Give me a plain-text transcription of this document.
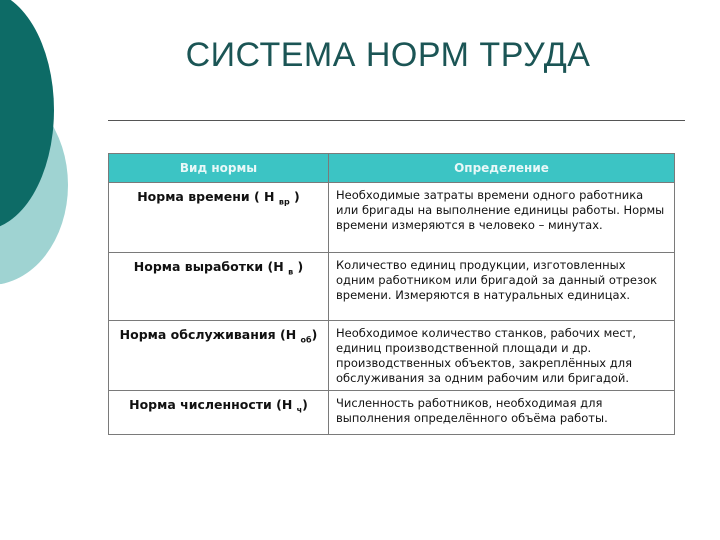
СИСТЕМА НОРМ ТРУДА
Вид нормы	Определение
Норма времени ( Н $_{вр}$ )	Необходимые затраты времени одного работника или бригады на выполнение единицы работы. Нормы времени измеряются в человеко – минутах.
Норма выработки (Н $_в$ )	Количество единиц продукции, изготовленных одним работником или бригадой за данный отрезок времени. Измеряются в натуральных единицах.
Норма обслуживания (Н $_{об}$)	Необходимое количество станков, рабочих мест, единиц производственной площади и др. производственных объектов, закреплённых для обслуживания за одним рабочим или бригадой.
Норма численности (Н $_ч$)	Численность работников, необходимая для выполнения определённого объёма работы.
